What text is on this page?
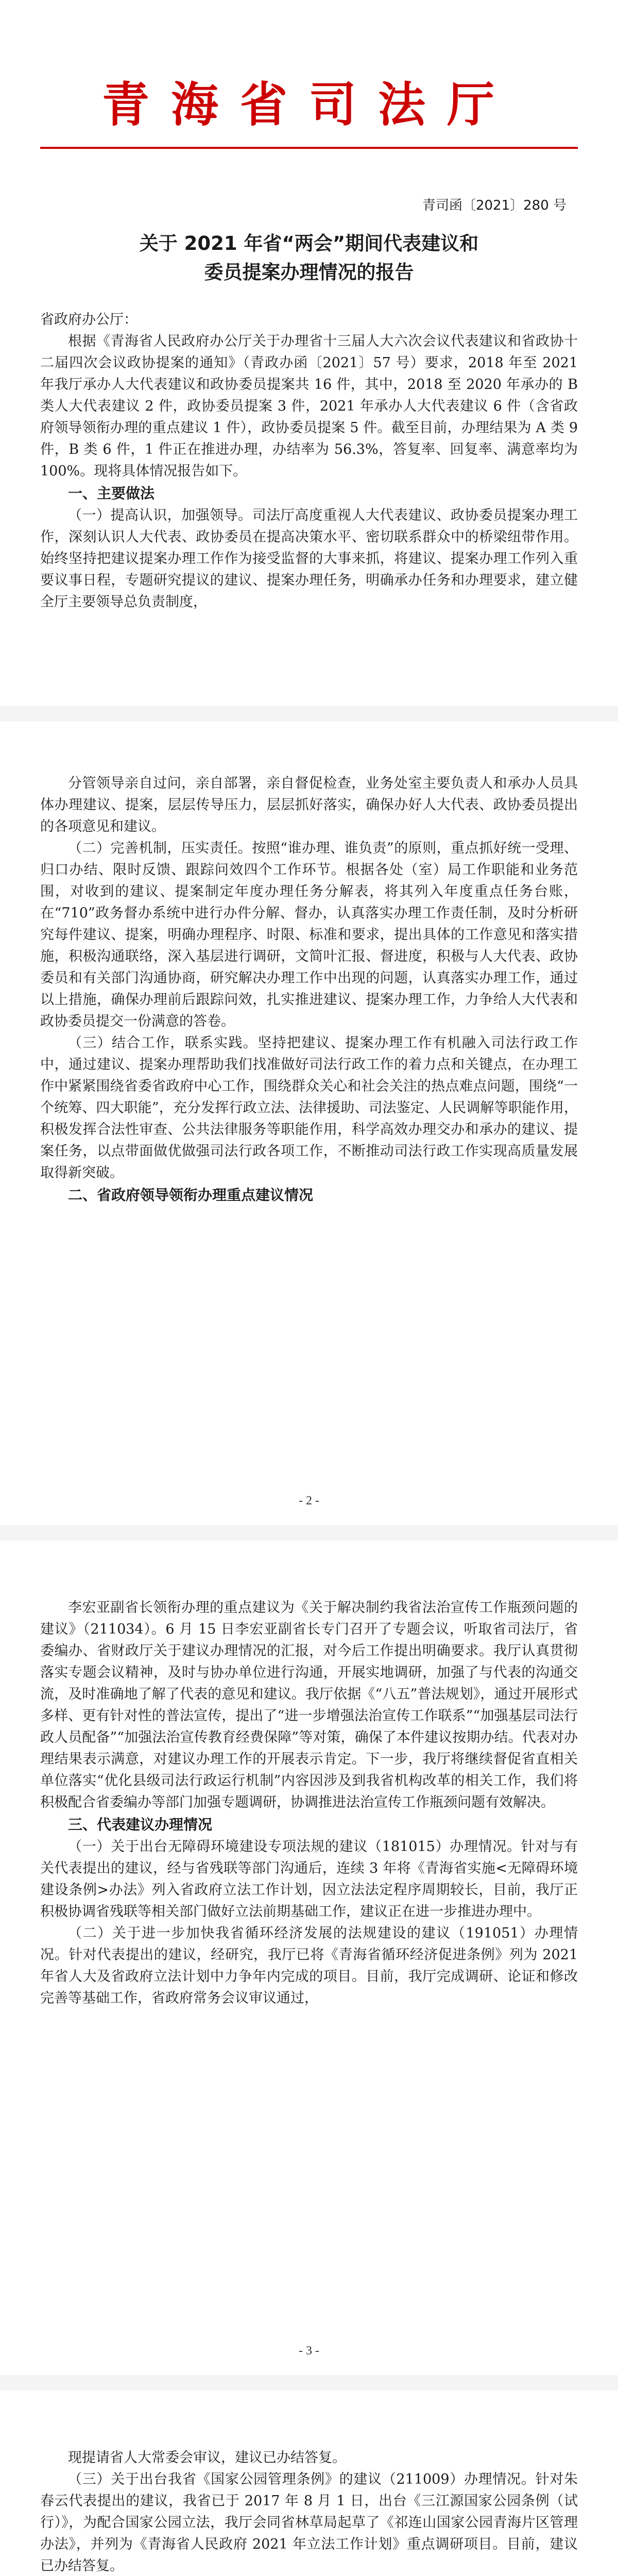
青海省司法厅
青司函〔2021〕280 号
关于 2021 年省“两会”期间代表建议和
委员提案办理情况的报告

省政府办公厅：

根据《青海省人民政府办公厅关于办理省十三届人大六次会议代表建议和省政协十二届四次会议政协提案的通知》（青政办函〔2021〕57 号）要求，2018 年至 2021 年我厅承办人大代表建议和政协委员提案共 16 件，其中，2018 至 2020 年承办的 B 类人大代表建议 2 件，政协委员提案 3 件，2021 年承办人大代表建议 6 件（含省政府领导领衔办理的重点建议 1 件），政协委员提案 5 件。截至目前，办理结果为 A 类 9 件，B 类 6 件，1 件正在推进办理，办结率为 56.3%，答复率、回复率、满意率均为 100%。现将具体情况报告如下。

一、主要做法

（一）提高认识，加强领导。司法厅高度重视人大代表建议、政协委员提案办理工作，深刻认识人大代表、政协委员在提高决策水平、密切联系群众中的桥梁纽带作用。始终坚持把建议提案办理工作作为接受监督的大事来抓，将建议、提案办理工作列入重要议事日程，专题研究提议的建议、提案办理任务，明确承办任务和办理要求，建立健全厅主要领导总负责制度，

分管领导亲自过问，亲自部署，亲自督促检查，业务处室主要负责人和承办人员具体办理建议、提案，层层传导压力，层层抓好落实，确保办好人大代表、政协委员提出的各项意见和建议。

（二）完善机制，压实责任。按照“谁办理、谁负责”的原则，重点抓好统一受理、归口办结、限时反馈、跟踪问效四个工作环节。根据各处（室）局工作职能和业务范围，对收到的建议、提案制定年度办理任务分解表，将其列入年度重点任务台账，在“710”政务督办系统中进行办件分解、督办，认真落实办理工作责任制，及时分析研究每件建议、提案，明确办理程序、时限、标准和要求，提出具体的工作意见和落实措施，积极沟通联络，深入基层进行调研，文简叶汇报、督进度，积极与人大代表、政协委员和有关部门沟通协商，研究解决办理工作中出现的问题，认真落实办理工作，通过以上措施，确保办理前后跟踪问效，扎实推进建议、提案办理工作，力争给人大代表和政协委员提交一份满意的答卷。

（三）结合工作，联系实践。坚持把建议、提案办理工作有机融入司法行政工作中，通过建议、提案办理帮助我们找准做好司法行政工作的着力点和关键点，在办理工作中紧紧围绕省委省政府中心工作，围绕群众关心和社会关注的热点难点问题，围绕“一个统筹、四大职能”，充分发挥行政立法、法律援助、司法鉴定、人民调解等职能作用，积极发挥合法性审查、公共法律服务等职能作用，科学高效办理交办和承办的建议、提案任务，以点带面做优做强司法行政各项工作，不断推动司法行政工作实现高质量发展取得新突破。

二、省政府领导领衔办理重点建议情况
- 2 -

李宏亚副省长领衔办理的重点建议为《关于解决制约我省法治宣传工作瓶颈问题的建议》（211034）。6 月 15 日李宏亚副省长专门召开了专题会议，听取省司法厅，省委编办、省财政厅关于建议办理情况的汇报，对今后工作提出明确要求。我厅认真贯彻落实专题会议精神，及时与协办单位进行沟通，开展实地调研，加强了与代表的沟通交流，及时准确地了解了代表的意见和建议。我厅依据《“八五”普法规划》，通过开展形式多样、更有针对性的普法宣传，提出了“进一步增强法治宣传工作联系”“加强基层司法行政人员配备”“加强法治宣传教育经费保障”等对策，确保了本件建议按期办结。代表对办理结果表示满意，对建议办理工作的开展表示肯定。下一步，我厅将继续督促省直相关单位落实“优化县级司法行政运行机制”内容因涉及到我省机构改革的相关工作，我们将积极配合省委编办等部门加强专题调研，协调推进法治宣传工作瓶颈问题有效解决。

三、代表建议办理情况

（一）关于出台无障碍环境建设专项法规的建议（181015）办理情况。针对与有关代表提出的建议，经与省残联等部门沟通后，连续 3 年将《青海省实施<无障碍环境建设条例>办法》列入省政府立法工作计划，因立法法定程序周期较长，目前，我厅正积极协调省残联等相关部门做好立法前期基础工作，建议正在进一步推进办理中。

（二）关于进一步加快我省循环经济发展的法规建设的建议（191051）办理情况。针对代表提出的建议，经研究，我厅已将《青海省循环经济促进条例》列为 2021 年省人大及省政府立法计划中力争年内完成的项目。目前，我厅完成调研、论证和修改完善等基础工作，省政府常务会议审议通过，

- 3 -

现提请省人大常委会审议，建议已办结答复。

（三）关于出台我省《国家公园管理条例》的建议（211009）办理情况。针对朱春云代表提出的建议，我省已于 2017 年 8 月 1 日，出台《三江源国家公园条例（试行）》，为配合国家公园立法，我厅会同省林草局起草了《祁连山国家公园青海片区管理办法》，并列为《青海省人民政府 2021 年立法工作计划》重点调研项目。目前，建议已办结答复。
